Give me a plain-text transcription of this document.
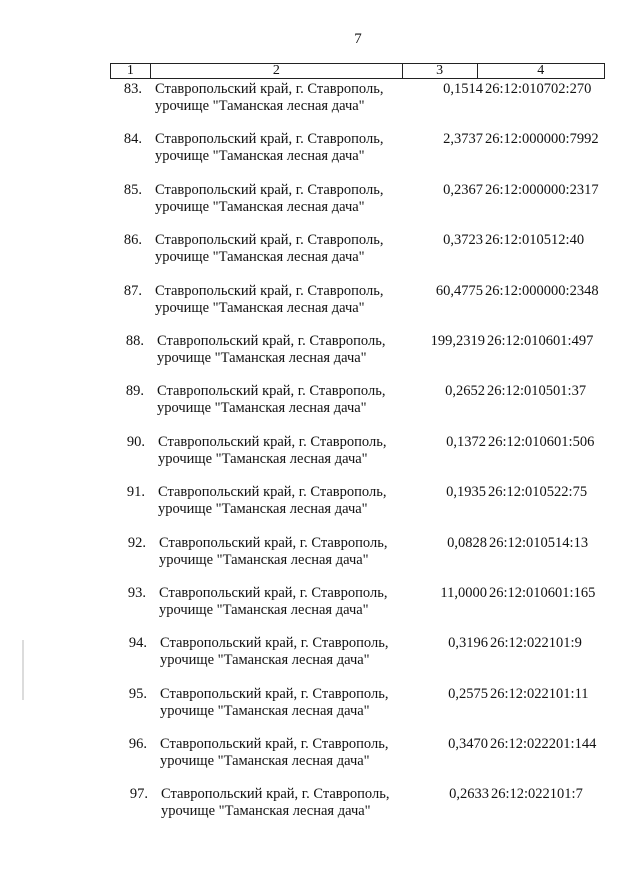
7
1	2	3	4
83. Ставропольский край, г. Ставрополь,
урочище "Таманская лесная дача"
0,1514 26:12:010702:270
84. Ставропольский край, г. Ставрополь,
урочище "Таманская лесная дача"
2,3737 26:12:000000:7992
85. Ставропольский край, г. Ставрополь,
урочище "Таманская лесная дача"
0,2367 26:12:000000:2317
86. Ставропольский край, г. Ставрополь,
урочище "Таманская лесная дача"
0,3723 26:12:010512:40
87. Ставропольский край, г. Ставрополь,
урочище "Таманская лесная дача"
60,4775 26:12:000000:2348
88. Ставропольский край, г. Ставрополь,
урочище "Таманская лесная дача"
199,2319 26:12:010601:497
89. Ставропольский край, г. Ставрополь,
урочище "Таманская лесная дача"
0,2652 26:12:010501:37
90. Ставропольский край, г. Ставрополь,
урочище "Таманская лесная дача"
0,1372 26:12:010601:506
91. Ставропольский край, г. Ставрополь,
урочище "Таманская лесная дача"
0,1935 26:12:010522:75
92. Ставропольский край, г. Ставрополь,
урочище "Таманская лесная дача"
0,0828 26:12:010514:13
93. Ставропольский край, г. Ставрополь,
урочище "Таманская лесная дача"
11,0000 26:12:010601:165
94. Ставропольский край, г. Ставрополь,
урочище "Таманская лесная дача"
0,3196 26:12:022101:9
95. Ставропольский край, г. Ставрополь,
урочище "Таманская лесная дача"
0,2575 26:12:022101:11
96. Ставропольский край, г. Ставрополь,
урочище "Таманская лесная дача"
0,3470 26:12:022201:144
97. Ставропольский край, г. Ставрополь,
урочище "Таманская лесная дача"
0,2633 26:12:022101:7
